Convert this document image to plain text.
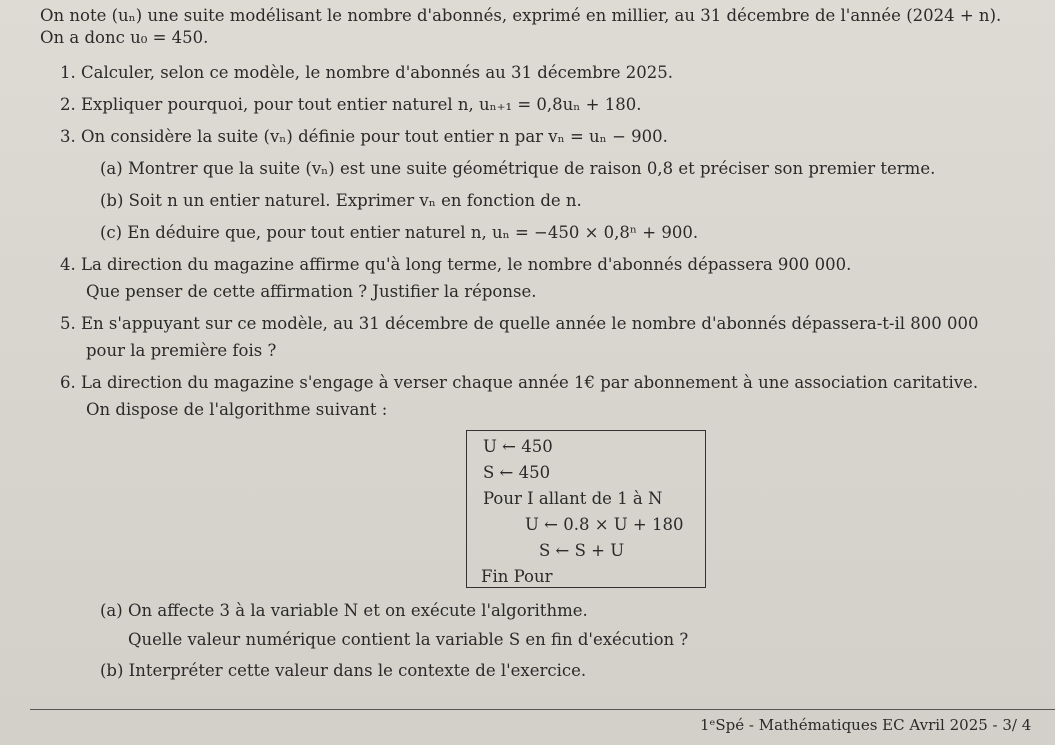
On note (uₙ) une suite modélisant le nombre d'abonnés, exprimé en millier, au 31 décembre de l'année (2024 + n).
On a donc u₀ = 450.
1. Calculer, selon ce modèle, le nombre d'abonnés au 31 décembre 2025.
2. Expliquer pourquoi, pour tout entier naturel n, uₙ₊₁ = 0,8uₙ + 180.
3. On considère la suite (vₙ) définie pour tout entier n par vₙ = uₙ − 900.
(a) Montrer que la suite (vₙ) est une suite géométrique de raison 0,8 et préciser son premier terme.
(b) Soit n un entier naturel. Exprimer vₙ en fonction de n.
(c) En déduire que, pour tout entier naturel n, uₙ = −450 × 0,8ⁿ + 900.
4. La direction du magazine affirme qu'à long terme, le nombre d'abonnés dépassera 900 000.
Que penser de cette affirmation ? Justifier la réponse.
5. En s'appuyant sur ce modèle, au 31 décembre de quelle année le nombre d'abonnés dépassera-t-il 800 000
pour la première fois ?
6. La direction du magazine s'engage à verser chaque année 1€ par abonnement à une association caritative.
On dispose de l'algorithme suivant :
U ← 450
S ← 450
Pour I allant de 1 à N
U ← 0.8 × U + 180
S ← S + U
Fin Pour
(a) On affecte 3 à la variable N et on exécute l'algorithme.
Quelle valeur numérique contient la variable S en fin d'exécution ?
(b) Interpréter cette valeur dans le contexte de l'exercice.
1ᵉSpé - Mathématiques EC Avril 2025 - 3/ 4
